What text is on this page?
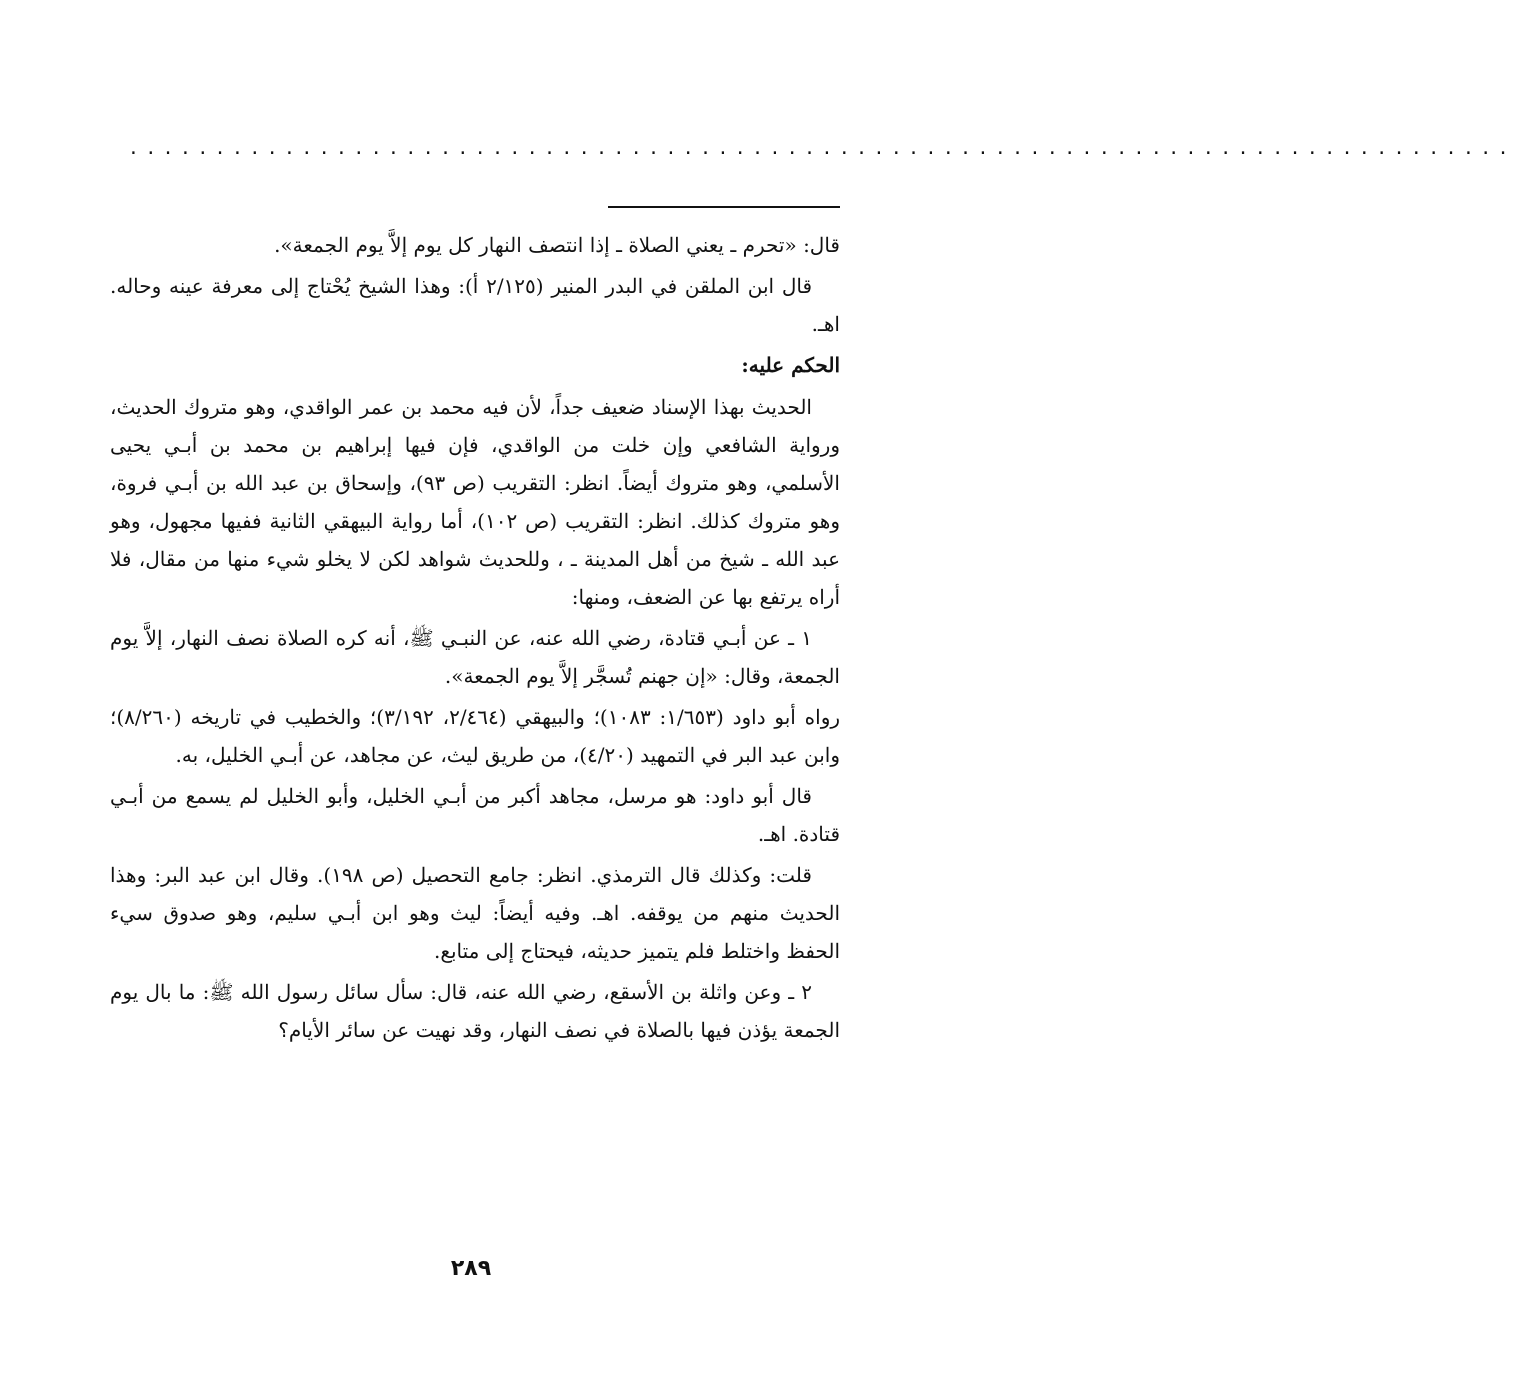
................................................................................

قال: «تحرم ـ يعني الصلاة ـ إذا انتصف النهار كل يوم إلاَّ يوم الجمعة».

قال ابن الملقن في البدر المنير (٢/١٢٥ أ): وهذا الشيخ يُحْتاج إلى معرفة عينه وحاله. اهـ.

الحكم عليه:

الحديث بهذا الإسناد ضعيف جداً، لأن فيه محمد بن عمر الواقدي، وهو متروك الحديث، ورواية الشافعي وإن خلت من الواقدي، فإن فيها إبراهيم بن محمد بن أبـي يحيى الأسلمي، وهو متروك أيضاً. انظر: التقريب (ص ٩٣)، وإسحاق بن عبد الله بن أبـي فروة، وهو متروك كذلك. انظر: التقريب (ص ١٠٢)، أما رواية البيهقي الثانية ففيها مجهول، وهو عبد الله ـ شيخ من أهل المدينة ـ ، وللحديث شواهد لكن لا يخلو شيء منها من مقال، فلا أراه يرتفع بها عن الضعف، ومنها:

١ ـ عن أبـي قتادة، رضي الله عنه، عن النبـي ﷺ، أنه كره الصلاة نصف النهار، إلاَّ يوم الجمعة، وقال: «إن جهنم تُسجَّر إلاَّ يوم الجمعة».

رواه أبو داود (١/٦٥٣: ١٠٨٣)؛ والبيهقي (٢/٤٦٤، ٣/١٩٢)؛ والخطيب في تاريخه (٨/٢٦٠)؛ وابن عبد البر في التمهيد (٤/٢٠)، من طريق ليث، عن مجاهد، عن أبـي الخليل، به.

قال أبو داود: هو مرسل، مجاهد أكبر من أبـي الخليل، وأبو الخليل لم يسمع من أبـي قتادة. اهـ.

قلت: وكذلك قال الترمذي. انظر: جامع التحصيل (ص ١٩٨). وقال ابن عبد البر: وهذا الحديث منهم من يوقفه. اهـ. وفيه أيضاً: ليث وهو ابن أبـي سليم، وهو صدوق سيء الحفظ واختلط فلم يتميز حديثه، فيحتاج إلى متابع.

٢ ـ وعن واثلة بن الأسقع، رضي الله عنه، قال: سأل سائل رسول الله ﷺ: ما بال يوم الجمعة يؤذن فيها بالصلاة في نصف النهار، وقد نهيت عن سائر الأيام؟

٢٨٩
